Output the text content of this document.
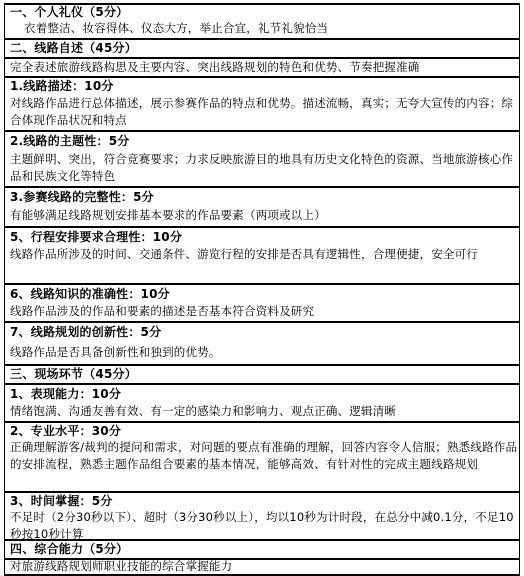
一、个人礼仪（5分）
衣着整洁、妆容得体、仪态大方，举止合宜，礼节礼貌恰当
二、线路自述（45分）
完全表述旅游线路构思及主要内容、突出线路规划的特色和优势、节奏把握准确
1.线路描述：10分
对线路作品进行总体描述，展示参赛作品的特点和优势。描述流畅，真实；无夸大宣传的内容；综合体现作品状况和特点
2.线路的主题性：5分
主题鲜明、突出，符合竞赛要求；力求反映旅游目的地具有历史文化特色的资源、当地旅游核心作品和民族文化等特色
3.参赛线路的完整性：5分
有能够满足线路规划安排基本要求的作品要素（两项或以上）
5、行程安排要求合理性：10分
线路作品所涉及的时间、交通条件、游览行程的安排是否具有逻辑性，合理便捷，安全可行
6、线路知识的准确性：10分
线路作品涉及的作品和要素的描述是否基本符合资料及研究
7、线路规划的创新性：5分
线路作品是否具备创新性和独到的优势。
三、现场环节（45分）
1、表现能力：10分
情绪饱满、沟通友善有效、有一定的感染力和影响力、观点正确、逻辑清晰
2、专业水平：30分
正确理解游客/裁判的提问和需求，对问题的要点有准确的理解，回答内容令人信服；熟悉线路作品的安排流程，熟悉主题作品组合要素的基本情况，能够高效、有针对性的完成主题线路规划
3、时间掌握：5分
不足时（2分30秒以下）、超时（3分30秒以上），均以10秒为计时段，在总分中减0.1分，不足10秒按10秒计算
四、综合能力（5分）
对旅游线路规划师职业技能的综合掌握能力
